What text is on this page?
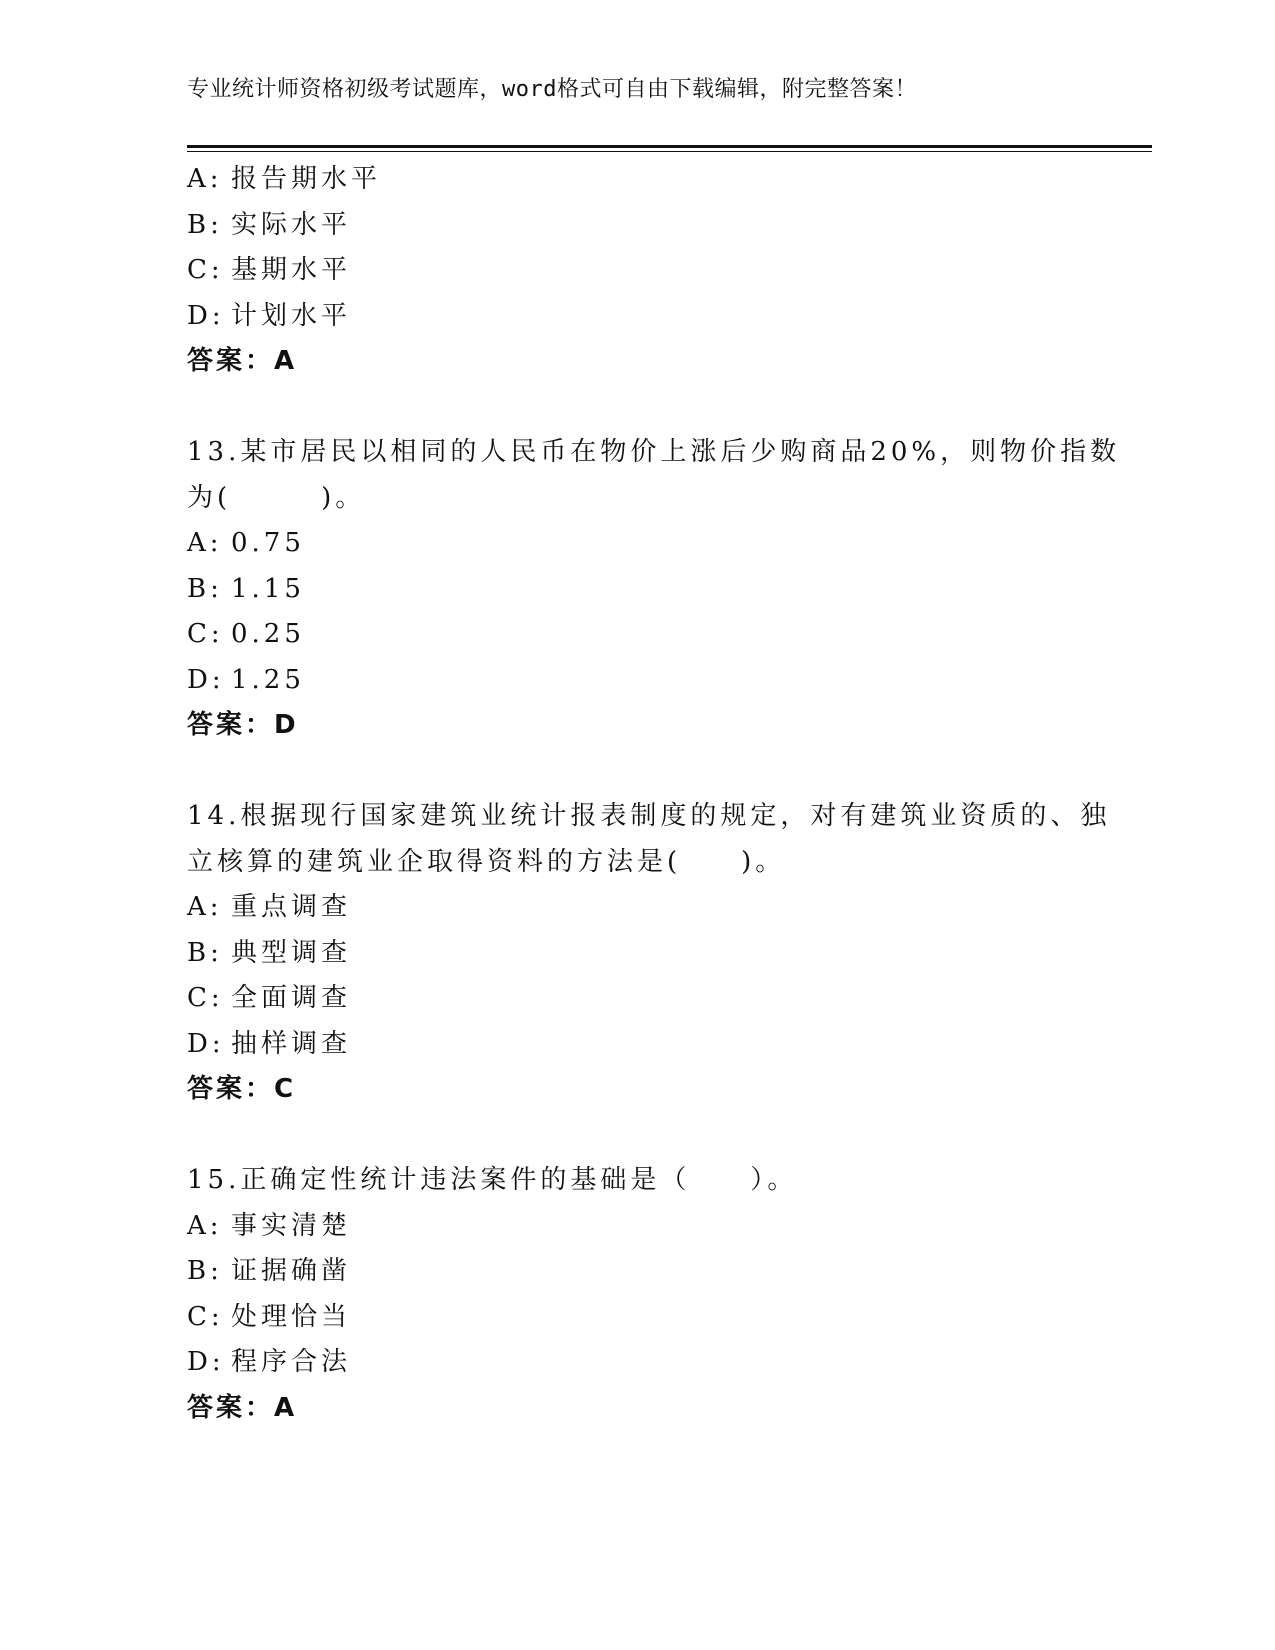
专业统计师资格初级考试题库，word格式可自由下载编辑，附完整答案！
A: 报告期水平
B: 实际水平
C: 基期水平
D: 计划水平
答案：A
13.某市居民以相同的人民币在物价上涨后少购商品20%，则物价指数
为(　　　)。
A: 0.75
B: 1.15
C: 0.25
D: 1.25
答案：D
14.根据现行国家建筑业统计报表制度的规定，对有建筑业资质的、独
立核算的建筑业企取得资料的方法是(　　)。
A: 重点调查
B: 典型调查
C: 全面调查
D: 抽样调查
答案：C
15.正确定性统计违法案件的基础是（　　）。
A: 事实清楚
B: 证据确凿
C: 处理恰当
D: 程序合法
答案：A
